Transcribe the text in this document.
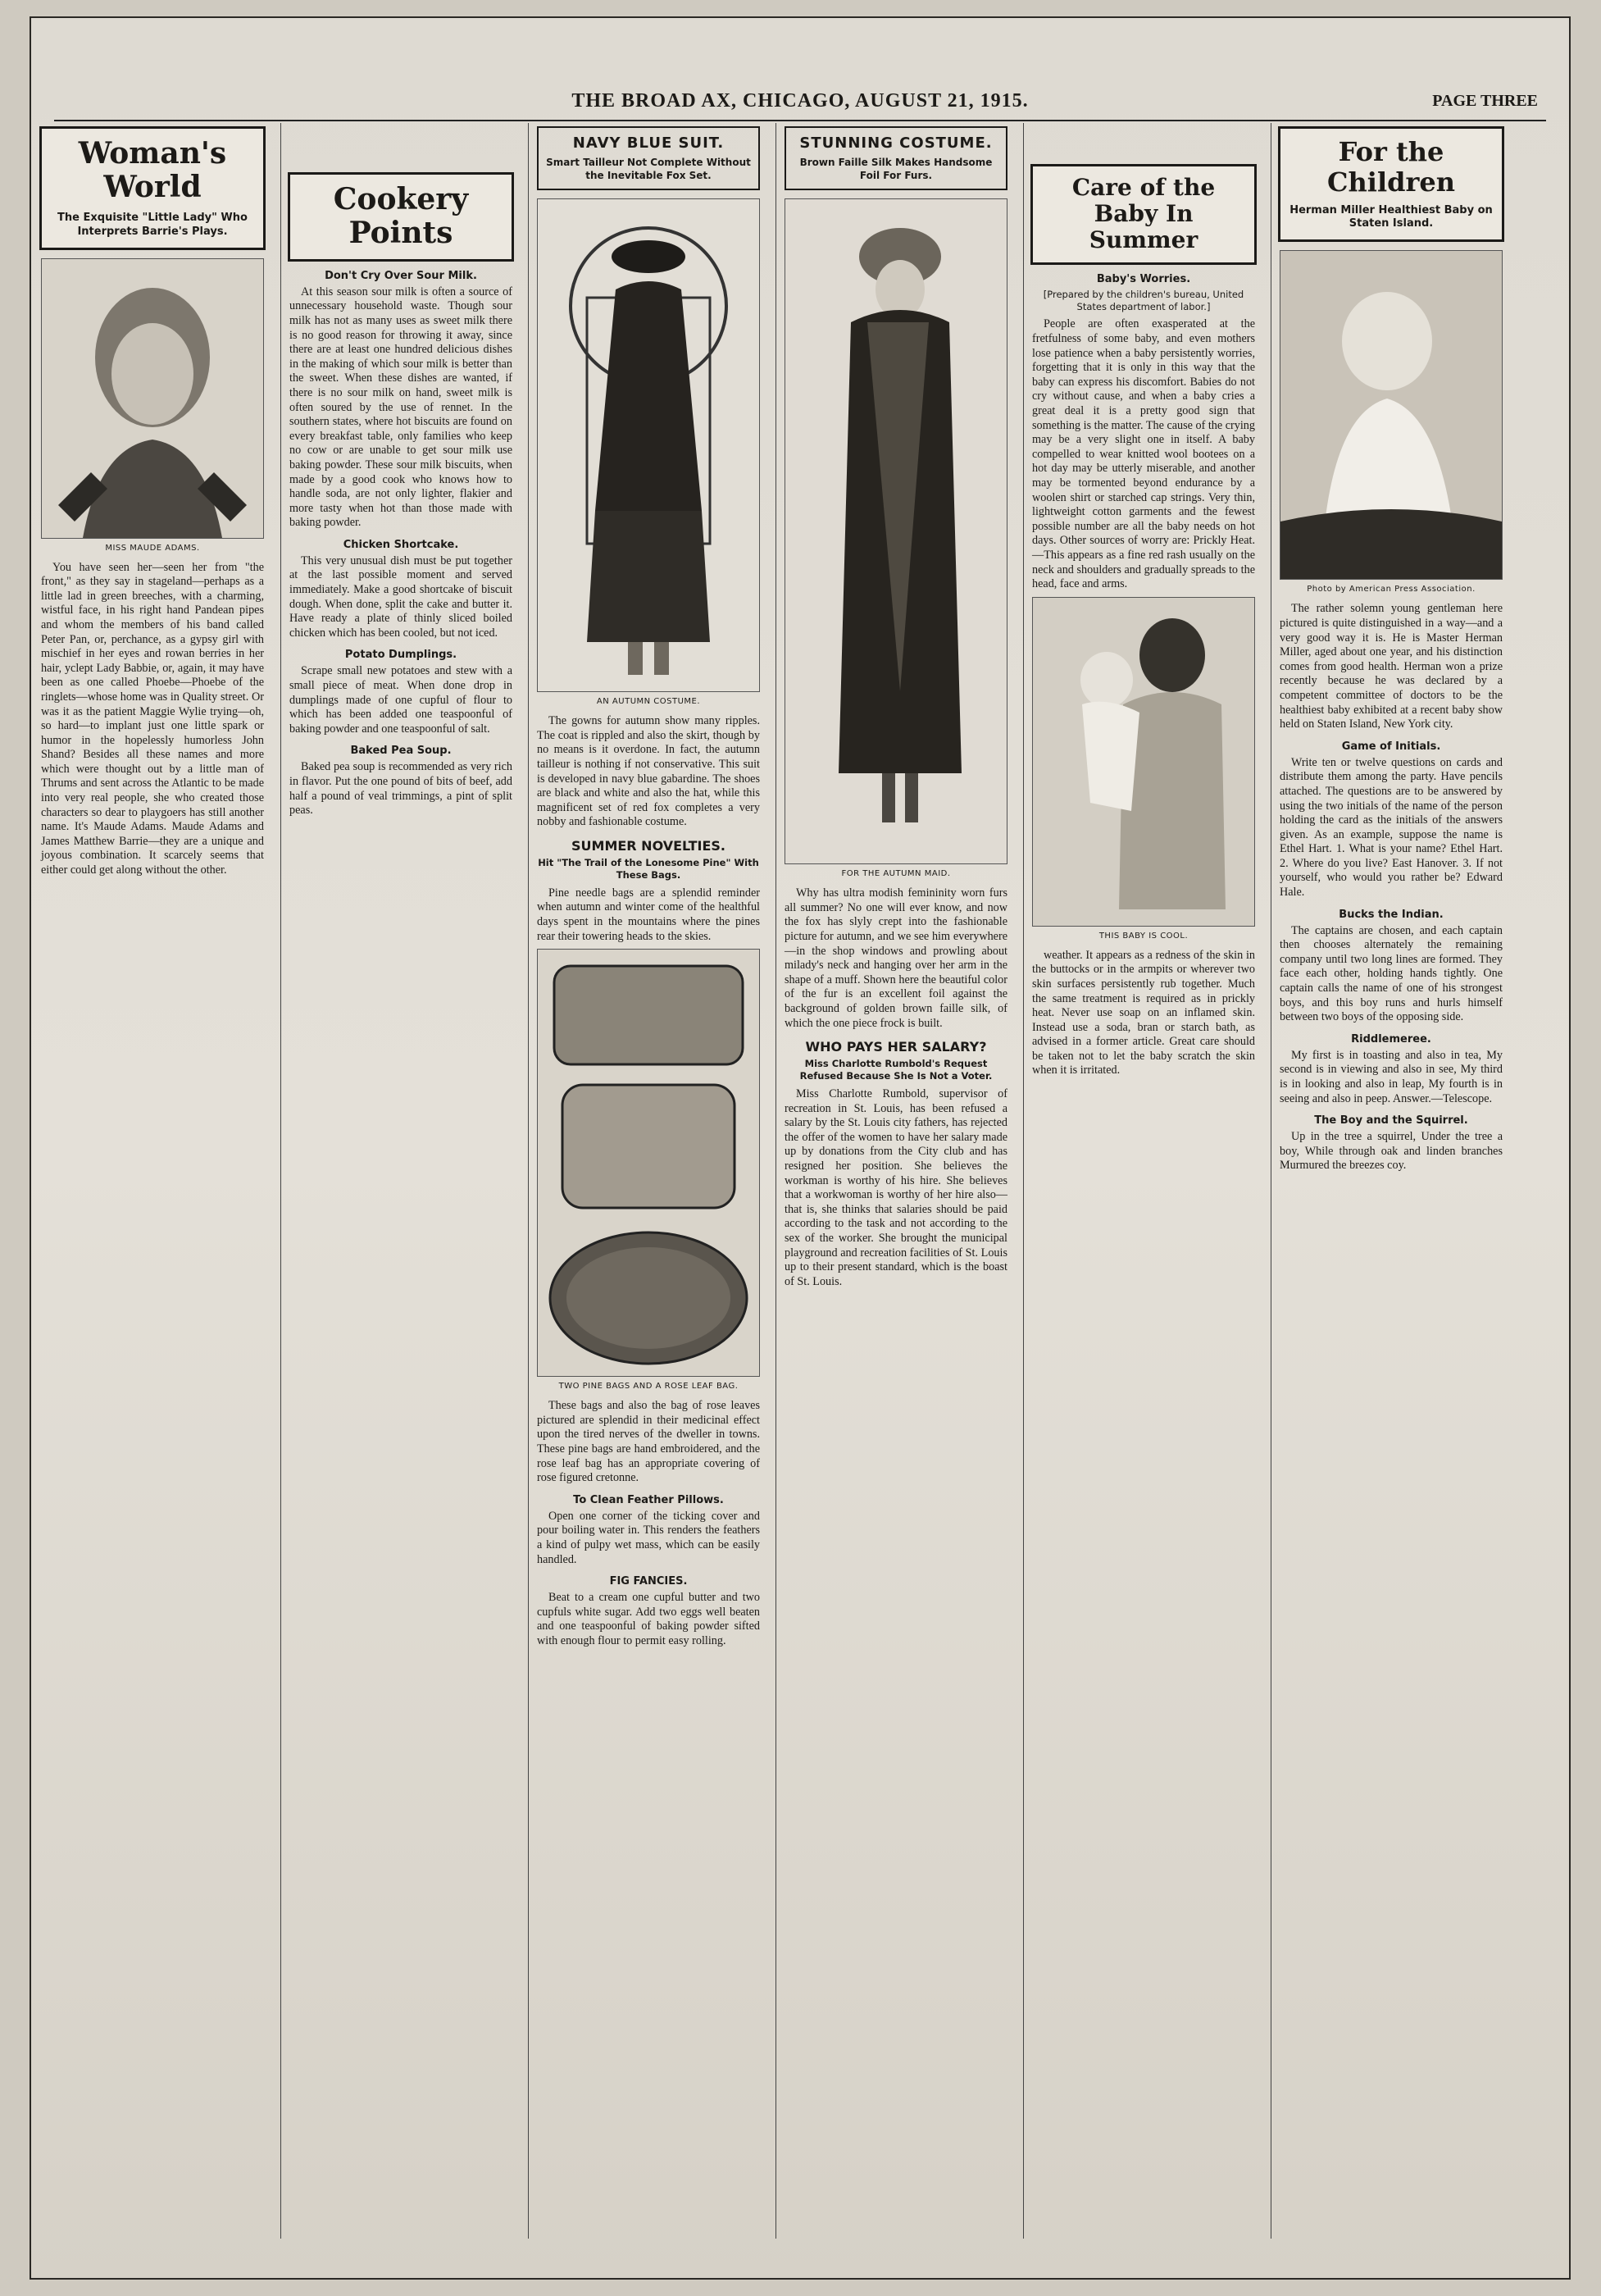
THE BROAD AX, CHICAGO, AUGUST 21, 1915.	PAGE THREE
Woman's World
The Exquisite "Little Lady" Who Interprets Barrie's Plays.
MISS MAUDE ADAMS.

You have seen her—seen her from "the front," as they say in stageland—perhaps as a little lad in green breeches, with a charming, wistful face, in his right hand Pandean pipes and whom the members of his band called Peter Pan, or, perchance, as a gypsy girl with mischief in her eyes and rowan berries in her hair, yclept Lady Babbie, or, again, it may have been as one called Phoebe—Phoebe of the ringlets—whose home was in Quality street. Or was it as the patient Maggie Wylie trying—oh, so hard—to implant just one little spark or humor in the hopelessly humorless John Shand? Besides all these names and more which were thought out by a little man of Thrums and sent across the Atlantic to be made into very real people, she who created those characters so dear to playgoers has still another name. It's Maude Adams. Maude Adams and James Matthew Barrie—they are a unique and joyous combination. It scarcely seems that either could get along without the other.

Cookery Points
Don't Cry Over Sour Milk.

At this season sour milk is often a source of unnecessary household waste. Though sour milk has not as many uses as sweet milk there is no good reason for throwing it away, since there are at least one hundred delicious dishes in the making of which sour milk is better than the sweet. When these dishes are wanted, if there is no sour milk on hand, sweet milk is often soured by the use of rennet. In the southern states, where hot biscuits are found on every breakfast table, only families who keep no cow or are unable to get sour milk use baking powder. These sour milk biscuits, when made by a good cook who knows how to handle soda, are not only lighter, flakier and more tasty when hot than those made with baking powder.

Chicken Shortcake.

This very unusual dish must be put together at the last possible moment and served immediately. Make a good shortcake of biscuit dough. When done, split the cake and butter it. Have ready a plate of thinly sliced boiled chicken which has been cooled, but not iced.

Potato Dumplings.

Scrape small new potatoes and stew with a small piece of meat. When done drop in dumplings made of one cupful of flour to which has been added one teaspoonful of baking powder and one teaspoonful of salt.

Baked Pea Soup.

Baked pea soup is recommended as very rich in flavor. Put the one pound of bits of beef, add half a pound of veal trimmings, a pint of split peas.

NAVY BLUE SUIT.
Smart Tailleur Not Complete Without the Inevitable Fox Set.
AN AUTUMN COSTUME.

The gowns for autumn show many ripples. The coat is rippled and also the skirt, though by no means is it overdone. In fact, the autumn tailleur is nothing if not conservative. This suit is developed in navy blue gabardine. The shoes are black and white and also the hat, while this magnificent set of red fox completes a very nobby and fashionable costume.

SUMMER NOVELTIES.
Hit "The Trail of the Lonesome Pine" With These Bags.

Pine needle bags are a splendid reminder when autumn and winter come of the healthful days spent in the mountains where the pines rear their towering heads to the skies.

TWO PINE BAGS AND A ROSE LEAF BAG.

These bags and also the bag of rose leaves pictured are splendid in their medicinal effect upon the tired nerves of the dweller in towns. These pine bags are hand embroidered, and the rose leaf bag has an appropriate covering of rose figured cretonne.

To Clean Feather Pillows.

Open one corner of the ticking cover and pour boiling water in. This renders the feathers a kind of pulpy wet mass, which can be easily handled.

FIG FANCIES.

Beat to a cream one cupful butter and two cupfuls white sugar. Add two eggs well beaten and one teaspoonful of baking powder sifted with enough flour to permit easy rolling.

STUNNING COSTUME.
Brown Faille Silk Makes Handsome Foil For Furs.
FOR THE AUTUMN MAID.

Why has ultra modish femininity worn furs all summer? No one will ever know, and now the fox has slyly crept into the fashionable picture for autumn, and we see him everywhere—in the shop windows and prowling about milady's neck and hanging over her arm in the shape of a muff. Shown here the beautiful color of the fur is an excellent foil against the background of golden brown faille silk, of which the one piece frock is built.

WHO PAYS HER SALARY?
Miss Charlotte Rumbold's Request Refused Because She Is Not a Voter.

Miss Charlotte Rumbold, supervisor of recreation in St. Louis, has been refused a salary by the St. Louis city fathers, has rejected the offer of the women to have her salary made up by donations from the City club and has resigned her position. She believes the workman is worthy of his hire. She believes that a workwoman is worthy of her hire also—that is, she thinks that salaries should be paid according to the task and not according to the sex of the worker. She brought the municipal playground and recreation facilities of St. Louis up to their present standard, which is the boast of St. Louis.

Care of the Baby In Summer
Baby's Worries.
[Prepared by the children's bureau, United States department of labor.]

People are often exasperated at the fretfulness of some baby, and even mothers lose patience when a baby persistently worries, forgetting that it is only in this way that the baby can express his discomfort. Babies do not cry without cause, and when a baby cries a great deal it is a pretty good sign that something is the matter. The cause of the crying may be a very slight one in itself. A baby compelled to wear knitted wool bootees on a hot day may be utterly miserable, and another may be tormented beyond endurance by a woolen shirt or starched cap strings. Very thin, lightweight cotton garments and the fewest possible number are all the baby needs on hot days. Other sources of worry are: Prickly Heat.—This appears as a fine red rash usually on the neck and shoulders and gradually spreads to the head, face and arms.

THIS BABY IS COOL.

weather. It appears as a redness of the skin in the buttocks or in the armpits or wherever two skin surfaces persistently rub together. Much the same treatment is required as in prickly heat. Never use soap on an inflamed skin. Instead use a soda, bran or starch bath, as advised in a former article. Great care should be taken not to let the baby scratch the skin when it is irritated.

For the Children
Herman Miller Healthiest Baby on Staten Island.
Photo by American Press Association.

The rather solemn young gentleman here pictured is quite distinguished in a way—and a very good way it is. He is Master Herman Miller, aged about one year, and his distinction comes from good health. Herman won a prize recently because he was declared by a competent committee of doctors to be the healthiest baby exhibited at a recent baby show held on Staten Island, New York city.

Game of Initials.

Write ten or twelve questions on cards and distribute them among the party. Have pencils attached. The questions are to be answered by using the two initials of the name of the person holding the card as the initials of the answers given. As an example, suppose the name is Ethel Hart. 1. What is your name? Ethel Hart. 2. Where do you live? East Hanover. 3. If not yourself, who would you rather be? Edward Hale.

Bucks the Indian.

The captains are chosen, and each captain then chooses alternately the remaining company until two long lines are formed. They face each other, holding hands tightly. One captain calls the name of one of his strongest boys, and this boy runs and hurls himself between two boys of the opposing side.

Riddlemeree.

My first is in toasting and also in tea, My second is in viewing and also in see, My third is in looking and also in leap, My fourth is in seeing and also in peep. Answer.—Telescope.

The Boy and the Squirrel.

Up in the tree a squirrel, Under the tree a boy, While through oak and linden branches Murmured the breezes coy.
